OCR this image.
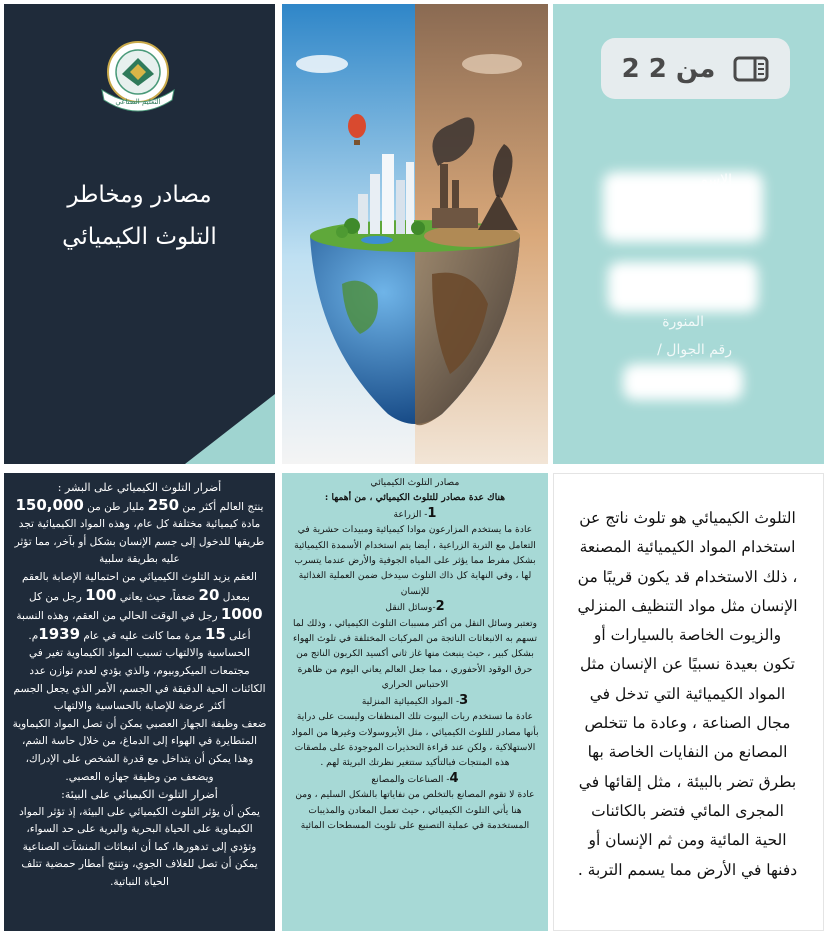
التعليم الصناعي
مصادر ومخاطر
التلوث الكيميائي
الاسم
المنورة
رقم الجوال /
2 من 2

أضرار التلوث الكيميائي على البشر :

ينتج العالم أكثر من 250 مليار طن من 150,000 مادة كيميائية مختلفة كل عام، وهذه المواد الكيميائية تجد طريقها للدخول إلى جسم الإنسان بشكل أو بآخر، مما تؤثر عليه بطريقة سلبية

العقم يزيد التلوث الكيميائي من احتمالية الإصابة بالعقم بمعدل 20 ضعفاً، حيث يعاني 100 رجل من كل 1000 رجل في الوقت الحالي من العقم، وهذه النسبة أعلى 15 مرة مما كانت عليه في عام 1939م.

الحساسية والالتهاب تسبب المواد الكيماوية تغير في مجتمعات الميكروبيوم، والذي يؤدي لعدم توازن عدد الكائنات الحية الدقيقة في الجسم، الأمر الذي يجعل الجسم أكثر عرضة للإصابة بالحساسية والالتهاب

ضعف وظيفة الجهاز العصبي يمكن أن تصل المواد الكيماوية المتطايرة في الهواء إلى الدماغ، من خلال حاسة الشم، وهذا يمكن أن يتداخل مع قدرة الشخص على الإدراك، ويضعف من وظيفة جهازه العصبي.

أضرار التلوث الكيميائي على البيئة:

يمكن أن يؤثر التلوث الكيميائي على البيئة، إذ تؤثر المواد الكيماوية على الحياة البحرية والبرية على حد السواء، وتؤدي إلى تدهورها، كما أن انبعاثات المنشآت الصناعية يمكن أن تصل للغلاف الجوي، وتنتج أمطار حمضية تتلف الحياة النباتية.

مصادر التلوث الكيميائي

هناك عدة مصادر للتلوث الكيميائي ، من أهمها :

1- الزراعة

عادة ما يستخدم المزارعون موادا كيميائية ومبيدات حشرية في التعامل مع التربة الزراعية ، أيضا يتم استخدام الأسمدة الكيميائية بشكل مفرط مما يؤثر على المياه الجوفية والأرض عندما يتسرب لها ، وفي النهاية كل ذاك التلوث سيدخل ضمن العملية الغذائية للإنسان

2-وسائل النقل

وتعتبر وسائل النقل من أكثر مسببات التلوث الكيميائي ، وذلك لما تسهم به الانبعاثات الناتجة من المركبات المختلفة في تلوث الهواء بشكل كبير ، حيث ينبعث منها غاز ثاني أكسيد الكربون الناتج من حرق الوقود الأحفوري ، مما جعل العالم يعاني اليوم من ظاهرة الاحتباس الحراري

3- المواد الكيميائية المنزلية

عادة ما تستخدم ربات البيوت تلك المنظفات وليست على دراية بأنها مصادر للتلوث الكيميائي ، مثل الأيروسولات وغيرها من المواد الاستهلاكية ، ولكن عند قراءة التحذيرات الموجودة على ملصقات هذه المنتجات فبالتأكيد ستتغير نظرتك البريئة لهم .

4- الصناعات والمصانع

عادة لا تقوم المصانع بالتخلص من نفاياتها بالشكل السليم ، ومن هنا يأتي التلوث الكيميائي ، حيث تعمل المعادن والمذيبات المستخدمة في عملية التصنيع على تلويث المسطحات المائية

التلوث الكيميائي هو تلوث ناتج عن استخدام المواد الكيميائية المصنعة ، ذلك الاستخدام قد يكون قريبًا من الإنسان مثل مواد التنظيف المنزلي والزيوت الخاصة بالسيارات أو تكون بعيدة نسبيًا عن الإنسان مثل المواد الكيميائية التي تدخل في مجال الصناعة ، وعادة ما تتخلص المصانع من النفايات الخاصة بها بطرق تضر بالبيئة ، مثل إلقائها في المجرى المائي فتضر بالكائنات الحية المائية ومن ثم الإنسان أو دفنها في الأرض مما يسمم التربة .
